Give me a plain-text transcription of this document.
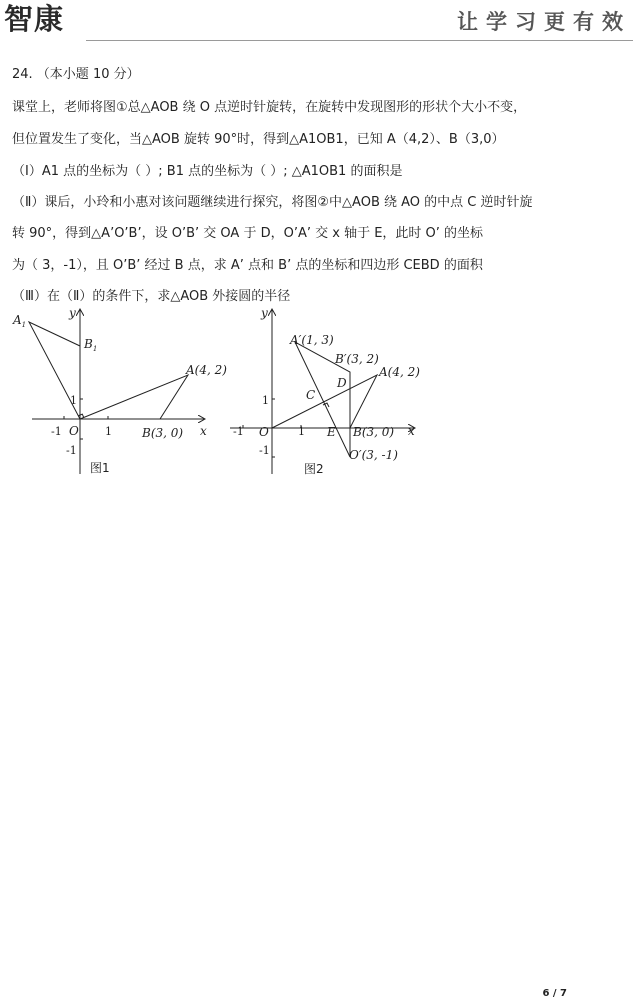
智康	让学习更有效
24. （本小题 10 分）
课堂上，老师将图①总△AOB 绕 O 点逆时针旋转，在旋转中发现图形的形状个大小不变，
但位置发生了变化，当△AOB 旋转 90°时，得到△A1OB1，已知 A（4,2）、B（3,0）
（Ⅰ）A1 点的坐标为（ ）; B1 点的坐标为（ ）; △A1OB1 的面积是
（Ⅱ）课后，小玲和小惠对该问题继续进行探究，将图②中△AOB 绕 AO 的中点 C 逆时针旋
转 90°，得到△A’O’B’，设 O’B’ 交 OA 于 D，O’A’ 交 x 轴于 E，此时 O’ 的坐标
为（ 3，-1），且 O’B’ 经过 B 点，求 A’ 点和 B’ 点的坐标和四边形 CEBD 的面积
（Ⅲ）在（Ⅱ）的条件下，求△AOB 外接圆的半径
$A_1$
$B_1$
y
x
1
-1 O 1
-1
A(4, 2)
B(3, 0)
图1
y
x
A′(1, 3)
B′(3, 2)
D
C
A(4, 2)
1
-1 O	1 E B(3, 0)
-1	O′(3, -1)
图2
6 / 7
